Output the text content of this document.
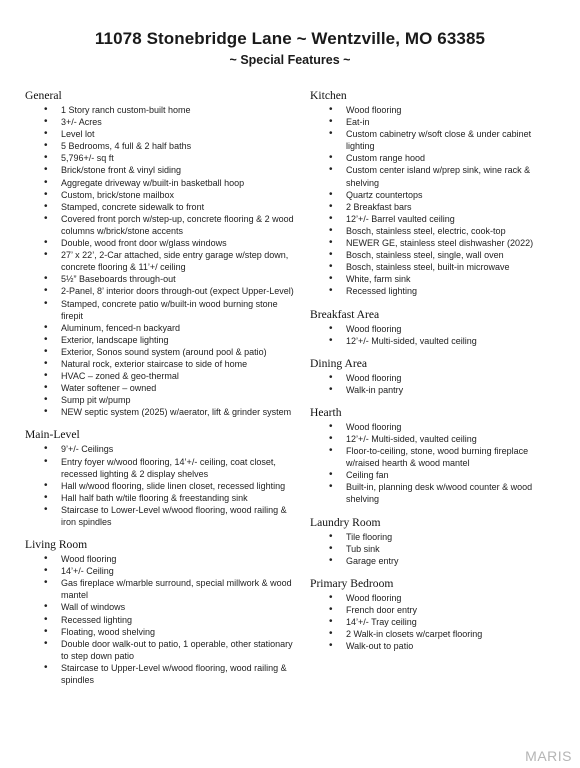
11078 Stonebridge Lane ~ Wentzville, MO 63385

~ Special Features ~

General
• 1 Story ranch custom-built home
• 3+/- Acres
• Level lot
• 5 Bedrooms, 4 full & 2 half baths
• 5,796+/- sq ft
• Brick/stone front & vinyl siding
• Aggregate driveway w/built-in basketball hoop
• Custom, brick/stone mailbox
• Stamped, concrete sidewalk to front
• Covered front porch w/step-up, concrete flooring & 2 wood columns w/brick/stone accents
• Double, wood front door w/glass windows
• 27’ x 22’, 2-Car attached, side entry garage w/step down, concrete flooring & 11’+/ ceiling
• 5½” Baseboards through-out
• 2-Panel, 8’ interior doors through-out (expect Upper-Level)
• Stamped, concrete patio w/built-in wood burning stone firepit
• Aluminum, fenced-n backyard
• Exterior, landscape lighting
• Exterior, Sonos sound system (around pool & patio)
• Natural rock, exterior staircase to side of home
• HVAC – zoned & geo-thermal
• Water softener – owned
• Sump pit w/pump
• NEW septic system (2025) w/aerator, lift & grinder system
Main-Level
• 9’+/- Ceilings
• Entry foyer w/wood flooring, 14’+/- ceiling, coat closet, recessed lighting & 2 display shelves
• Hall w/wood flooring, slide linen closet, recessed lighting
• Hall half bath w/tile flooring & freestanding sink
• Staircase to Lower-Level w/wood flooring, wood railing & iron spindles
Living Room
• Wood flooring
• 14’+/- Ceiling
• Gas fireplace w/marble surround, special millwork & wood mantel
• Wall of windows
• Recessed lighting
• Floating, wood shelving
• Double door walk-out to patio, 1 operable, other stationary to step down patio
• Staircase to Upper-Level w/wood flooring, wood railing & spindles
Kitchen
• Wood flooring
• Eat-in
• Custom cabinetry w/soft close & under cabinet lighting
• Custom range hood
• Custom center island w/prep sink, wine rack & shelving
• Quartz countertops
• 2 Breakfast bars
• 12’+/- Barrel vaulted ceiling
• Bosch, stainless steel, electric, cook-top
• NEWER GE, stainless steel dishwasher (2022)
• Bosch, stainless steel, single, wall oven
• Bosch, stainless steel, built-in microwave
• White, farm sink
• Recessed lighting
Breakfast Area
• Wood flooring
• 12’+/- Multi-sided, vaulted ceiling
Dining Area
• Wood flooring
• Walk-in pantry
Hearth
• Wood flooring
• 12’+/- Multi-sided, vaulted ceiling
• Floor-to-ceiling, stone, wood burning fireplace w/raised hearth & wood mantel
• Ceiling fan
• Built-in, planning desk w/wood counter & wood shelving
Laundry Room
• Tile flooring
• Tub sink
• Garage entry
Primary Bedroom
• Wood flooring
• French door entry
• 14’+/- Tray ceiling
• 2 Walk-in closets w/carpet flooring
• Walk-out to patio
MARIS
